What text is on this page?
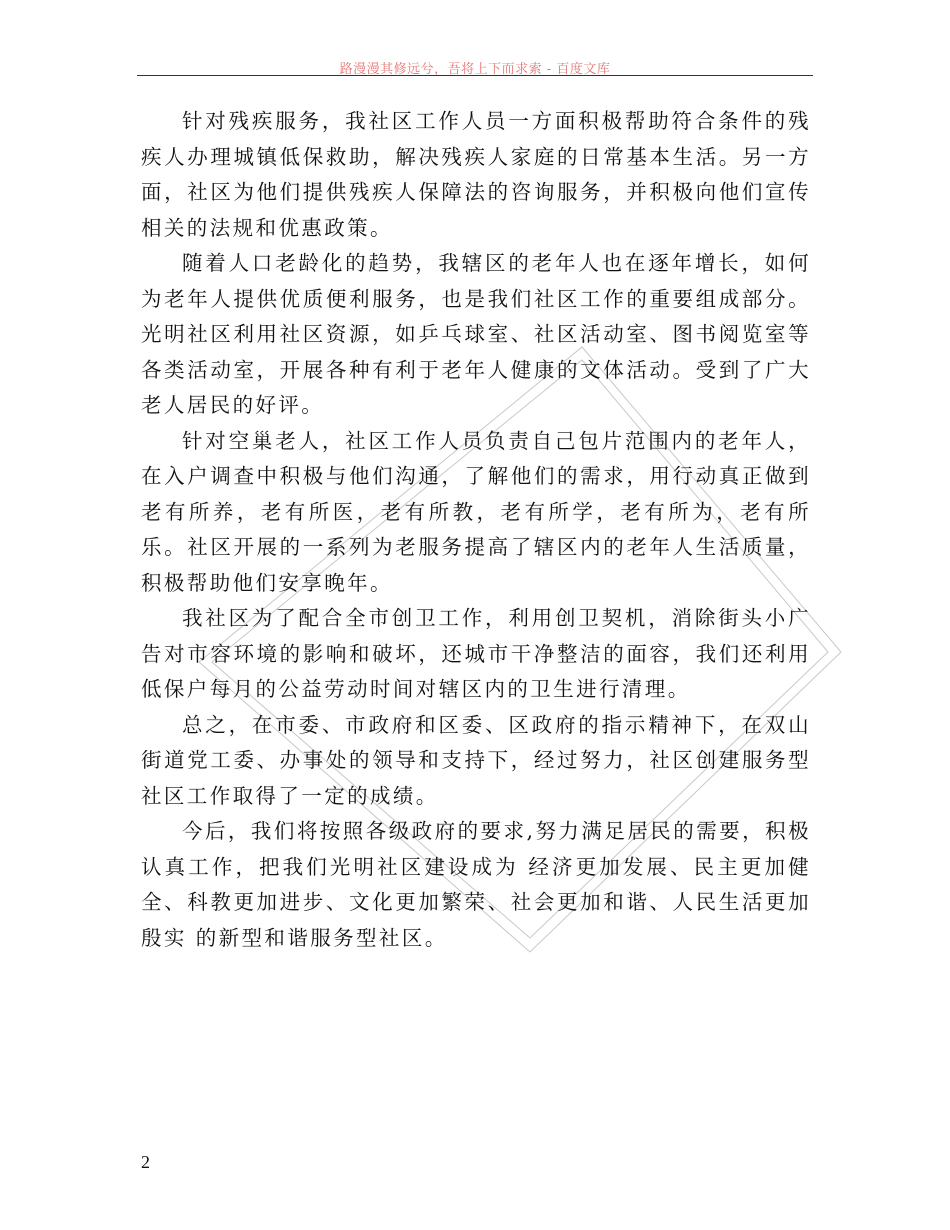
路漫漫其修远兮，吾将上下而求索 - 百度文库

针对残疾服务，我社区工作人员一方面积极帮助符合条件的残疾人办理城镇低保救助，解决残疾人家庭的日常基本生活。另一方面，社区为他们提供残疾人保障法的咨询服务，并积极向他们宣传相关的法规和优惠政策。

随着人口老龄化的趋势，我辖区的老年人也在逐年增长，如何为老年人提供优质便利服务，也是我们社区工作的重要组成部分。 光明社区利用社区资源，如乒乓球室、社区活动室、图书阅览室等各类活动室，开展各种有利于老年人健康的文体活动。受到了广大老人居民的好评。

针对空巢老人，社区工作人员负责自己包片范围内的老年人，在入户调查中积极与他们沟通，了解他们的需求，用行动真正做到老有所养，老有所医，老有所教，老有所学，老有所为，老有所乐。社区开展的一系列为老服务提高了辖区内的老年人生活质量，积极帮助他们安享晚年。

我社区为了配合全市创卫工作，利用创卫契机，消除街头小广告对市容环境的影响和破坏，还城市干净整洁的面容，我们还利用低保户每月的公益劳动时间对辖区内的卫生进行清理。

总之，在市委、市政府和区委、区政府的指示精神下，在双山街道党工委、办事处的领导和支持下，经过努力，社区创建服务型社区工作取得了一定的成绩。

今后，我们将按照各级政府的要求,努力满足居民的需要，积极认真工作，把我们光明社区建设成为 经济更加发展、民主更加健全、科教更加进步、文化更加繁荣、社会更加和谐、人民生活更加殷实 的新型和谐服务型社区。

2
